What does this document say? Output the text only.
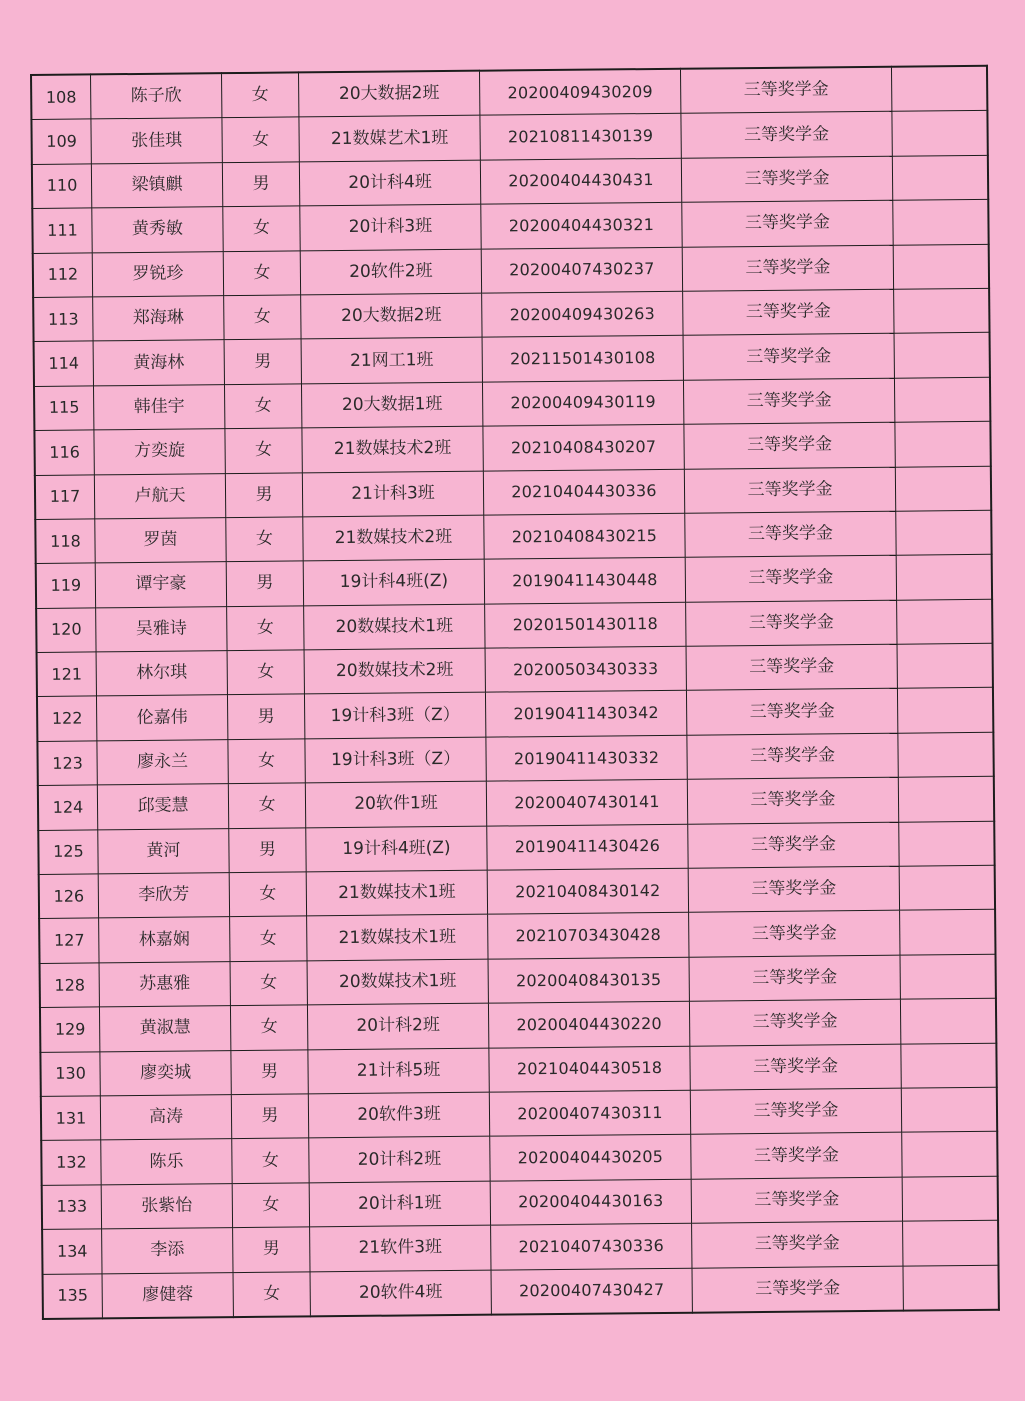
108	陈子欣	女	20大数据2班	20200409430209	三等奖学金	
109	张佳琪	女	21数媒艺术1班	20210811430139	三等奖学金	
110	梁镇麒	男	20计科4班	20200404430431	三等奖学金	
111	黄秀敏	女	20计科3班	20200404430321	三等奖学金	
112	罗锐珍	女	20软件2班	20200407430237	三等奖学金	
113	郑海琳	女	20大数据2班	20200409430263	三等奖学金	
114	黄海林	男	21网工1班	20211501430108	三等奖学金	
115	韩佳宇	女	20大数据1班	20200409430119	三等奖学金	
116	方奕旋	女	21数媒技术2班	20210408430207	三等奖学金	
117	卢航天	男	21计科3班	20210404430336	三等奖学金	
118	罗茵	女	21数媒技术2班	20210408430215	三等奖学金	
119	谭宇豪	男	19计科4班(Z)	20190411430448	三等奖学金	
120	吴雅诗	女	20数媒技术1班	20201501430118	三等奖学金	
121	林尔琪	女	20数媒技术2班	20200503430333	三等奖学金	
122	伦嘉伟	男	19计科3班（Z）	20190411430342	三等奖学金	
123	廖永兰	女	19计科3班（Z）	20190411430332	三等奖学金	
124	邱雯慧	女	20软件1班	20200407430141	三等奖学金	
125	黄河	男	19计科4班(Z)	20190411430426	三等奖学金	
126	李欣芳	女	21数媒技术1班	20210408430142	三等奖学金	
127	林嘉娴	女	21数媒技术1班	20210703430428	三等奖学金	
128	苏惠雅	女	20数媒技术1班	20200408430135	三等奖学金	
129	黄淑慧	女	20计科2班	20200404430220	三等奖学金	
130	廖奕城	男	21计科5班	20210404430518	三等奖学金	
131	高涛	男	20软件3班	20200407430311	三等奖学金	
132	陈乐	女	20计科2班	20200404430205	三等奖学金	
133	张紫怡	女	20计科1班	20200404430163	三等奖学金	
134	李添	男	21软件3班	20210407430336	三等奖学金	
135	廖健蓉	女	20软件4班	20200407430427	三等奖学金	
